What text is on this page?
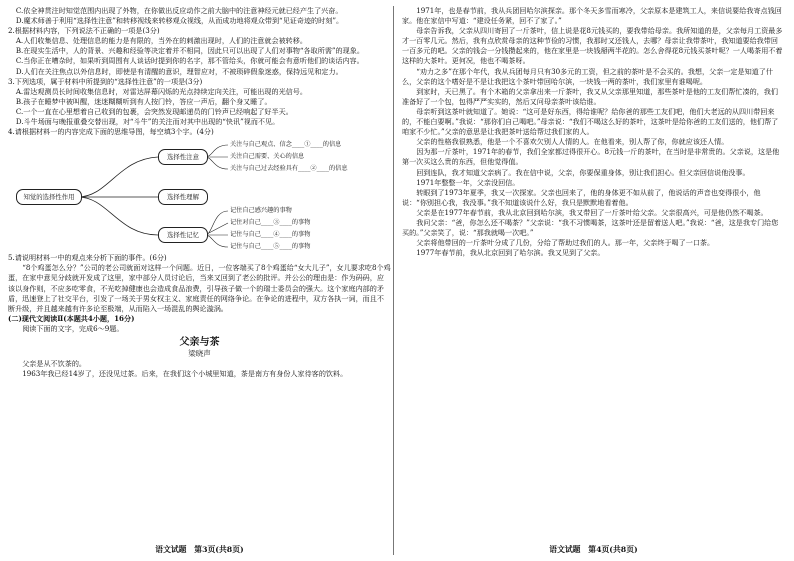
C.依全神贯注时知觉范围内出现了外物，在你做出反应动作之前大脑中的注意神经元就已经产生了兴奋。

D.魔术师善于利用“选择性注意”和转移视线来转移观众视线，从而成功地将观众带到“见证奇迹的时刻”。

2.根据材料内容，下列说法不正确的一项是(3分)

A.人们收集信息、处理信息的能力是有限的，当外在的刺激出现时，人们的注意就会被转移。

B.在现实生活中，人的背景、兴趣和经验等决定着并不相同，因此只可以出现了人们对事物“各取所需”的现象。

C.当你正在嘈杂时，如果听到周围有人谈话时提到你的名字，那不管给头，你就可能会有意听他们的谈话内容。

D.人们在关注焦点以外信息时，即使是有清醒的意识，理智应对，不被琐碎假象迷惑，保持远见和定力。

3.下列选项，属于材料中所提到的“选择性注意”的一项是(3分)

A.雷达观测员长时间收集信息时，对雷达屏幕闪烁的光点持续定向关注，可能出现的光信号。

B.孩子在睡梦中被叫醒，迷迷糊糊听到有人按门铃，答应一声后，翻个身又睡了。

C.一个一直在心里想着自己收到的包裹，会突然发现邮递员的门铃声已经响起了好半天。

D.斗牛场面与晚报重叠交替出现，对“斗牛”的关注而对其中出现的“快讯”视而不见。

4.请根据材料一的内容完成下面的思维导图，每空填3个字。(4分)

知觉的选择性作用
选择性注意
选择性理解
选择性记忆
关注与自己观点、信念____①____的信息
关注自己需要、关心的信息
关注与自己过去经验具有____②____的信息
记住自己感兴趣的事物
记住对自己____③____的事物
记住与自己____④____的事物
记住与自己____⑤____的事物

5.请说明材料一中的观点来分析下面的事件。(6分)

“8个鸡蛋怎么分？”公司的老公司就面对这样一个问题。近日，一位客端买了8个鸡蛋给“女大儿子”，女儿要求吃8个鸡蛋，在家中意见分歧就开发成了这里，家中部分人员讨论后，当来又回到了老公的批评。并公公的理由是：作为码码，应该以身作则，不应多吃零食，不光吃掉健康也会造成食品浪费，引导孩子做一个的瑞士委员会的强大。这个家庭内部的矛盾，迅速登上了社交平台，引发了一场关于男女权主义、家庭责任的网络争论。在争论的进程中，双方各执一词，而且不断升级，并且越来越有许多论至极端，从而陷入一场混乱的舆论漩涡。

(二)现代文阅读Ⅱ(本题共4小题，16分)

阅读下面的文字，完成6～9题。

父亲与茶

梁晓声

父亲是从不饮茶的。

1963年我已经14岁了，还没见过茶。后来，在我们这个小城里知道，茶是南方有身份人家待客的饮料。

语文试题　第3页(共8页)

1971年，也是春节前，我从兵团回哈尔滨探亲。那个冬天多雪而寒冷，父亲原本是建筑工人，来信说要给我寄点钱回家。他在家信中写道：“建设任务紧，回不了家了。”

母亲告诉我，父亲从四川寄回了一斤茶叶，信上说是花8元钱买的，要我带给母亲。我所知道的是，父亲每月工资最多才一百零几元。然后，我有点欣赏母亲的这种节俭的习惯，我那时又还钱人，去哪？母亲让我带茶叶，我知道要给我带回一百多元的吧。父亲的钱会一分钱攒起来的，他在家里是一块钱掰两半花的。怎么舍得花8元钱买茶叶呢？一人喝茶用不着这样的大茶叶。更何况，他也不喝茶呀。

“劝力之多”在那个年代，我从兵团每月只有30多元的工资，但之前的茶叶是不会买的。我想，父亲一定是知道了什么，父亲的这个嗜好是不是让我把这个茶叶带回哈尔滨，一块钱一两的茶叶，我们家里有谁喝呢。

到家时，天已黑了。有个木箱的父亲拿出来一斤茶叶，我又从父亲那里知道，那些茶叶是他的工友们帮忙凑的，我们准备好了一个包，包得严严实实的，然后又问母亲茶叶该给谁。

母亲听到这茶叶就知道了。她说：“这可是好东西，得给谁呢？给你爸的那些工友们吧，他们大老远的从四川带回来的，不能白要啊。”我说：“那你们自己喝吧。”母亲说：“我们不喝这么好的茶叶，这茶叶是给你爸的工友们送的，他们帮了咱家不少忙。”父亲的意思是让我把茶叶送给帮过我们家的人。

父亲的性格我很熟悉，他是一个不喜欢欠别人人情的人。在他看来，别人帮了你，你就应该还人情。

因为那一斤茶叶，1971年的春节，我们全家都过得很开心。8元钱一斤的茶叶，在当时是非常贵的。父亲说，这是他第一次买这么贵的东西，但他觉得值。

回到连队，我才知道父亲病了。我在信中说，父亲，你要保重身体，别让我们担心。但父亲回信说他没事。

1971年整整一年，父亲没回信。

转眼到了1973年夏季，我又一次探家。父亲也回来了，他的身体更不如从前了，他说话的声音也变得很小，他说：“你别担心我，我没事。”我不知道该说什么好，我只是默默地看着他。

父亲是在1977年春节前，我从北京回到哈尔滨，我又带回了一斤茶叶给父亲。父亲很高兴，可是他仍然不喝茶。

我问父亲：“爸，你怎么还不喝茶？”父亲说：“我不习惯喝茶，这茶叶还是留着送人吧。”我说：“爸，这是我专门给您买的。”父亲笑了，说：“那我就喝一次吧。”

父亲将他带回的一斤茶叶分成了几份，分给了帮助过我们的人。那一年，父亲终于喝了一口茶。

1977年春节前，我从北京回到了哈尔滨。我又见到了父亲。

语文试题　第4页(共8页)
